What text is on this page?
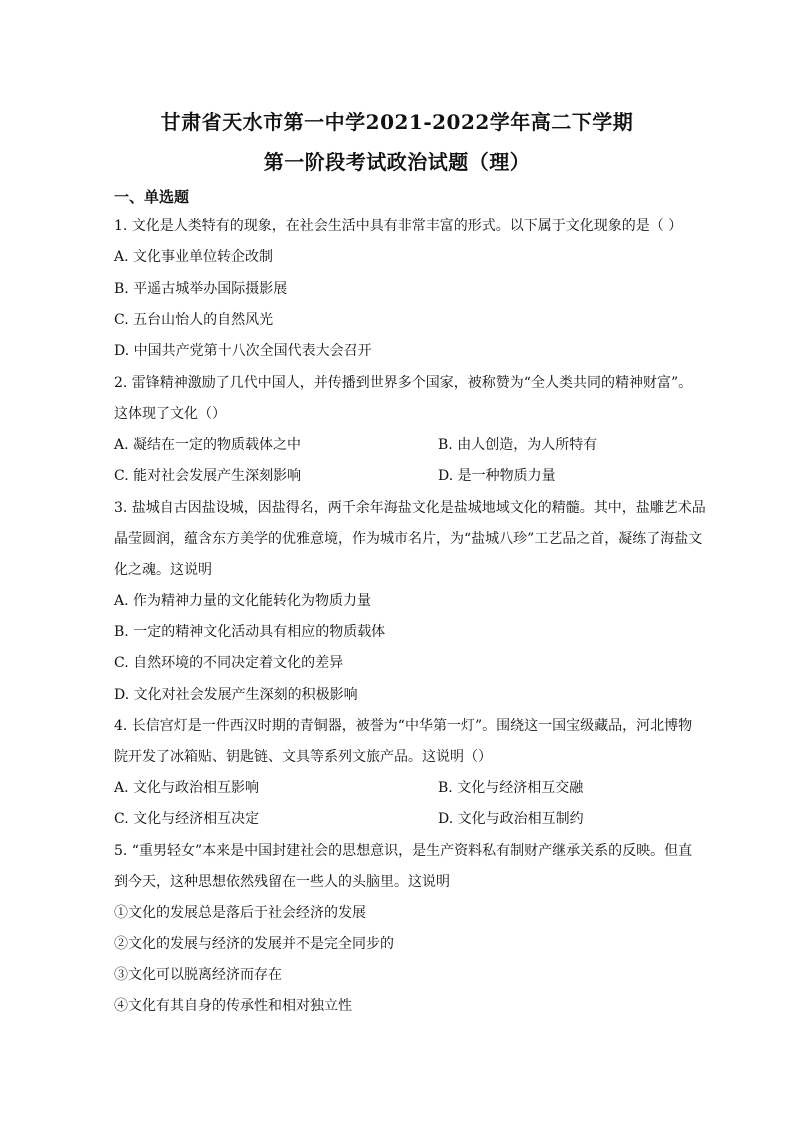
甘肃省天水市第一中学2021-2022学年高二下学期
第一阶段考试政治试题（理）
一、单选题
1. 文化是人类特有的现象，在社会生活中具有非常丰富的形式。以下属于文化现象的是（ ）
A. 文化事业单位转企改制
B. 平遥古城举办国际摄影展
C. 五台山怡人的自然风光
D. 中国共产党第十八次全国代表大会召开
2. 雷锋精神激励了几代中国人，并传播到世界多个国家，被称赞为“全人类共同的精神财富”。
这体现了文化（）
A. 凝结在一定的物质载体之中	B. 由人创造，为人所特有
C. 能对社会发展产生深刻影响	D. 是一种物质力量
3. 盐城自古因盐设城，因盐得名，两千余年海盐文化是盐城地域文化的精髓。其中，盐雕艺术品
晶莹圆润，蕴含东方美学的优雅意境，作为城市名片，为“盐城八珍”工艺品之首，凝练了海盐文
化之魂。这说明
A. 作为精神力量的文化能转化为物质力量
B. 一定的精神文化活动具有相应的物质载体
C. 自然环境的不同决定着文化的差异
D. 文化对社会发展产生深刻的积极影响
4. 长信宫灯是一件西汉时期的青铜器，被誉为“中华第一灯”。围绕这一国宝级藏品，河北博物
院开发了冰箱贴、钥匙链、文具等系列文旅产品。这说明（）
A. 文化与政治相互影响	B. 文化与经济相互交融
C. 文化与经济相互决定	D. 文化与政治相互制约
5. “重男轻女”本来是中国封建社会的思想意识，是生产资料私有制财产继承关系的反映。但直
到今天，这种思想依然残留在一些人的头脑里。这说明
①文化的发展总是落后于社会经济的发展
②文化的发展与经济的发展并不是完全同步的
③文化可以脱离经济而存在
④文化有其自身的传承性和相对独立性
